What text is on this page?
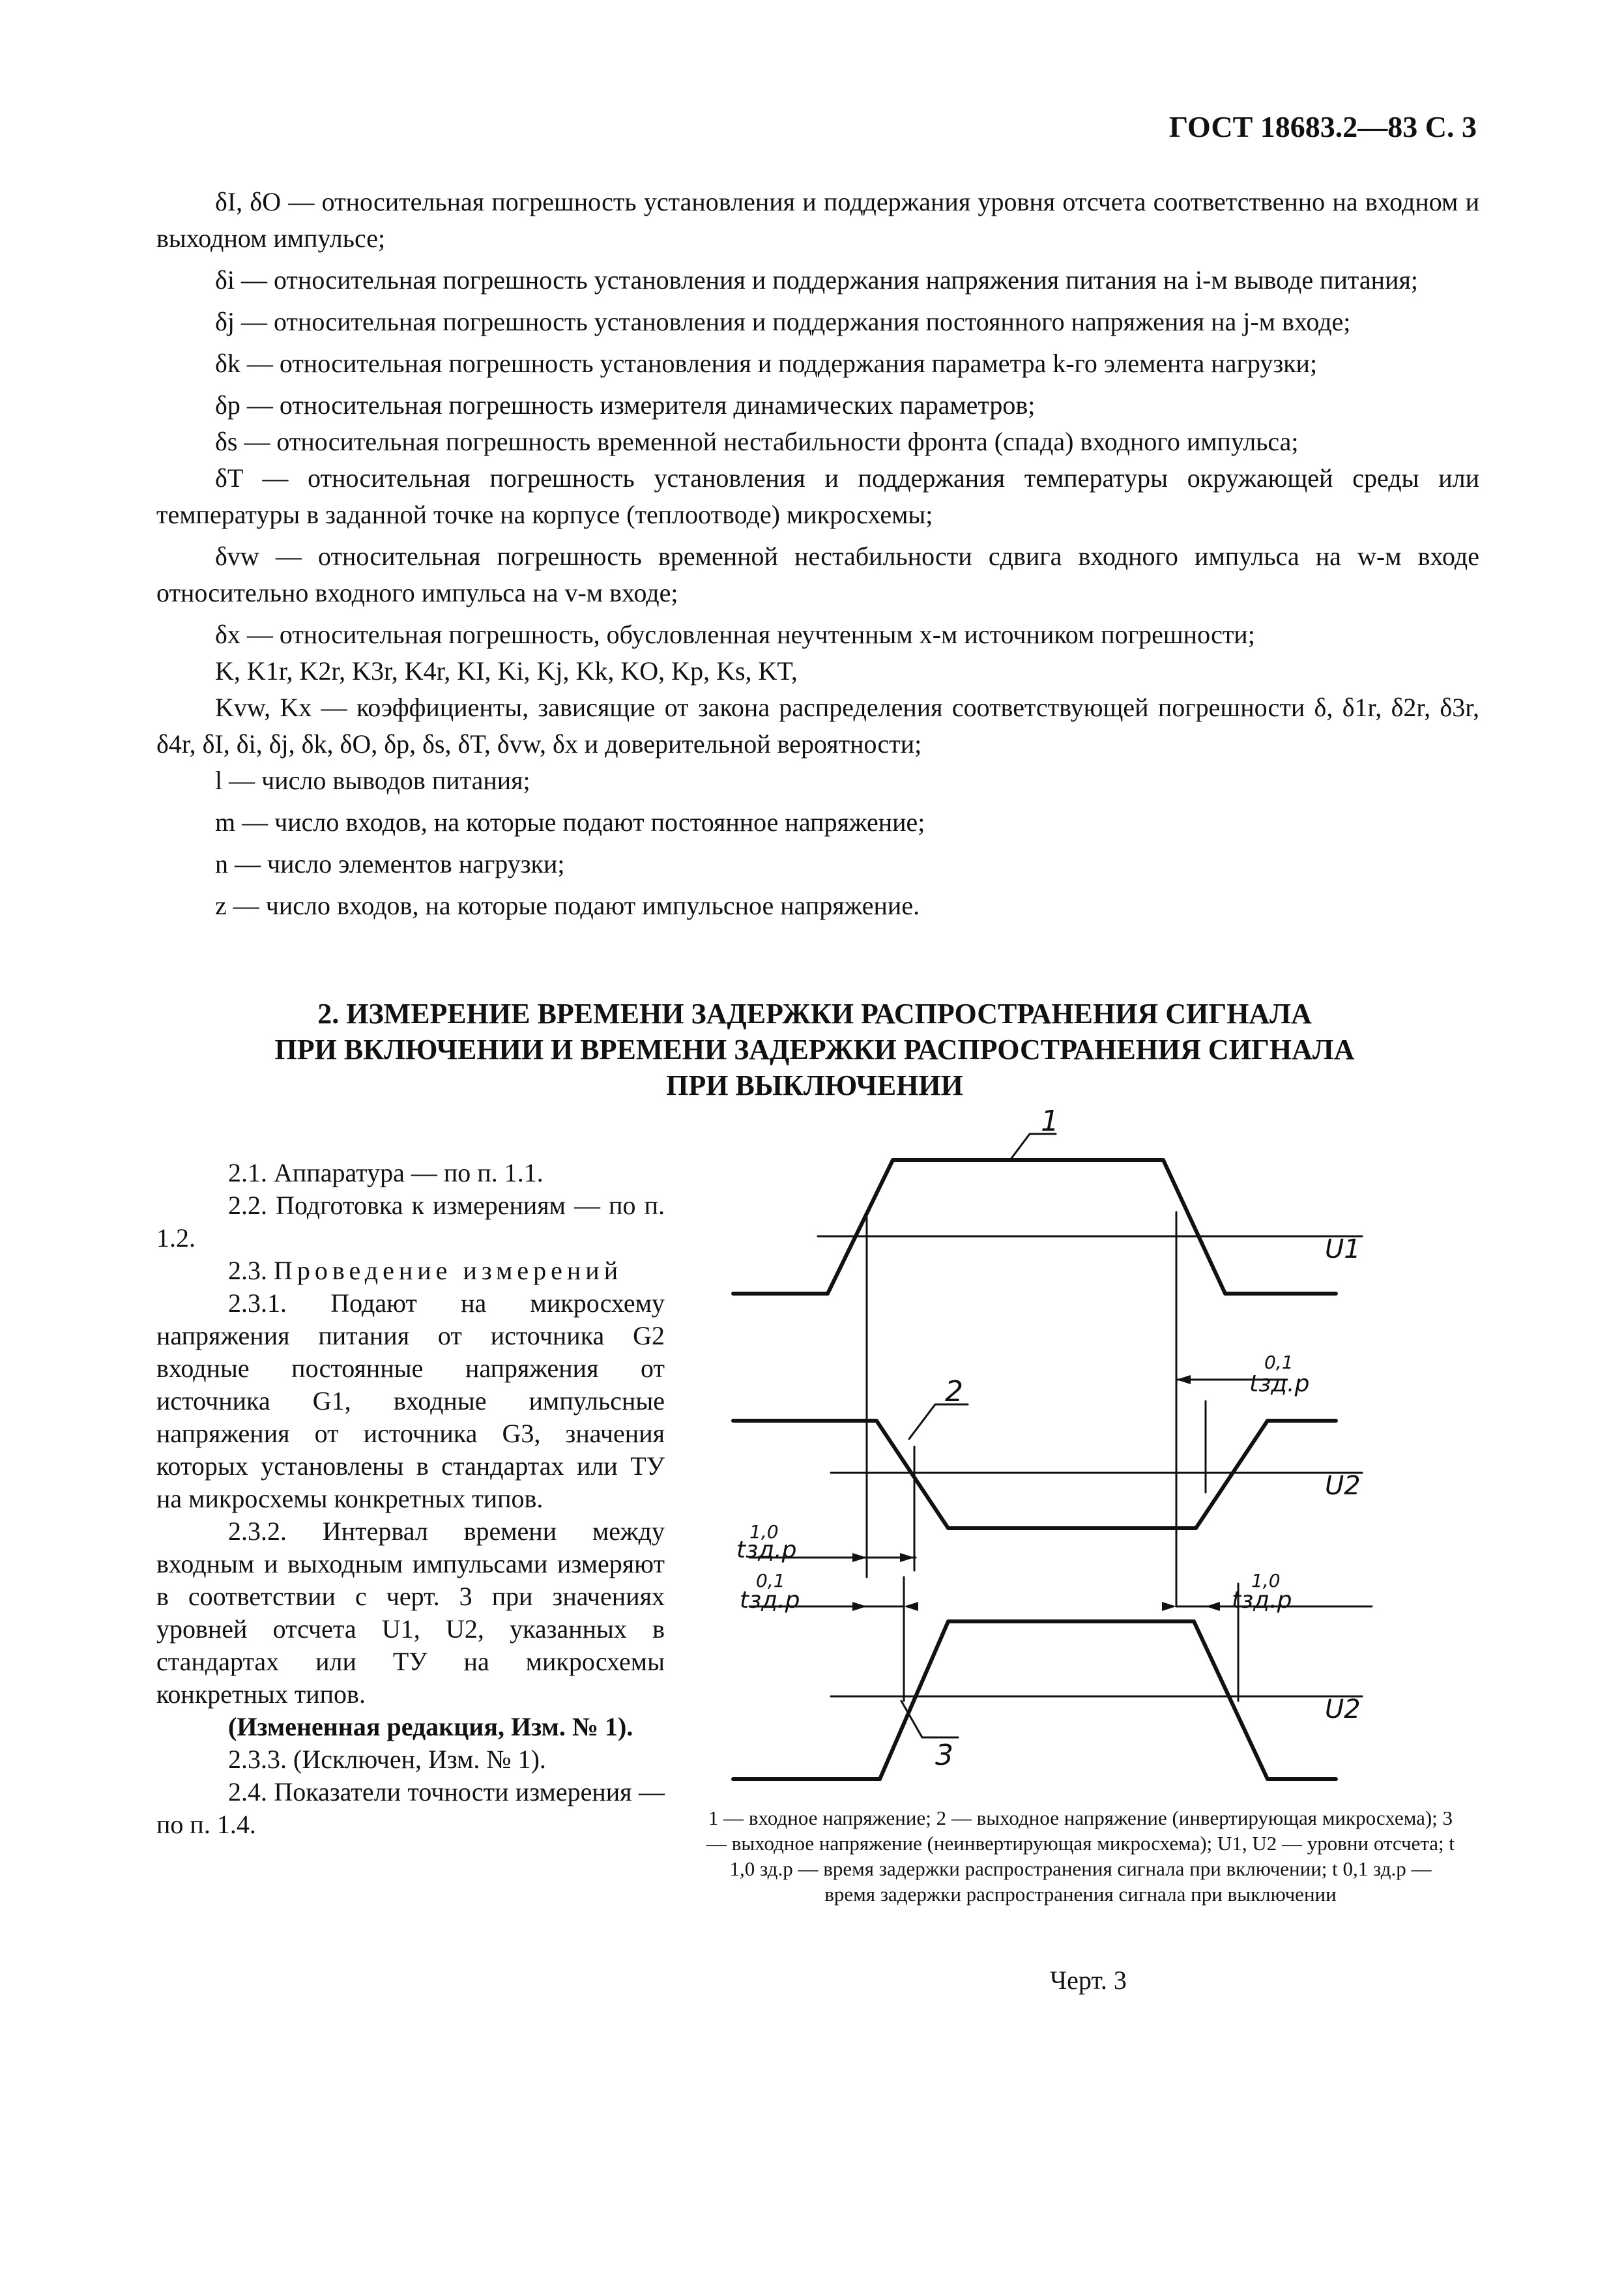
ГОСТ 18683.2—83 С. 3

δI, δO — относительная погрешность установления и поддержания уровня отсчета соответственно на входном и выходном импульсе;

δi — относительная погрешность установления и поддержания напряжения питания на i-м выводе питания;

δj — относительная погрешность установления и поддержания постоянного напряжения на j-м входе;

δk — относительная погрешность установления и поддержания параметра k-го элемента нагрузки;

δp — относительная погрешность измерителя динамических параметров;

δs — относительная погрешность временной нестабильности фронта (спада) входного импульса;

δT — относительная погрешность установления и поддержания температуры окружающей среды или температуры в заданной точке на корпусе (теплоотводе) микросхемы;

δvw — относительная погрешность временной нестабильности сдвига входного импульса на w-м входе относительно входного импульса на v-м входе;

δx — относительная погрешность, обусловленная неучтенным x-м источником погрешности;

K, K1r, K2r, K3r, K4r, KI, Ki, Kj, Kk, KO, Kp, Ks, KT,

Kvw, Kx — коэффициенты, зависящие от закона распределения соответствующей погрешности δ, δ1r, δ2r, δ3r, δ4r, δI, δi, δj, δk, δO, δp, δs, δT, δvw, δx и доверительной вероятности;

l — число выводов питания;

m — число входов, на которые подают постоянное напряжение;

n — число элементов нагрузки;

z — число входов, на которые подают импульсное напряжение.

2. ИЗМЕРЕНИЕ ВРЕМЕНИ ЗАДЕРЖКИ РАСПРОСТРАНЕНИЯ СИГНАЛА
ПРИ ВКЛЮЧЕНИИ И ВРЕМЕНИ ЗАДЕРЖКИ РАСПРОСТРАНЕНИЯ СИГНАЛА
ПРИ ВЫКЛЮЧЕНИИ

2.1. Аппаратура — по п. 1.1.

2.2. Подготовка к измерениям — по п. 1.2.

2.3. Проведение измерений

2.3.1. Подают на микросхему напряжения питания от источника G2 входные постоянные напряжения от источника G1, входные импульсные напряжения от источника G3, значения которых установлены в стандартах или ТУ на микросхемы конкретных типов.

2.3.2. Интервал времени между входным и выходным импульсами измеряют в соответствии с черт. 3 при значениях уровней отсчета U1, U2, указанных в стандартах или ТУ на микросхемы конкретных типов.

(Измененная редакция, Изм. № 1).

2.3.3. (Исключен, Изм. № 1).

2.4. Показатели точности измерения — по п. 1.4.

1
2
3
U1
U2
U2
0,1
tзд.р
1,0
tзд.р
0,1
tзд.р
1,0
tзд.р
1 — входное напряжение; 2 — выходное напряжение (инвертирующая микросхема); 3 — выходное напряжение (неинвертирующая микросхема); U1, U2 — уровни отсчета; t 1,0 зд.р — время задержки распространения сигнала при включении; t 0,1 зд.р — время задержки распространения сигнала при выключении
Черт. 3
